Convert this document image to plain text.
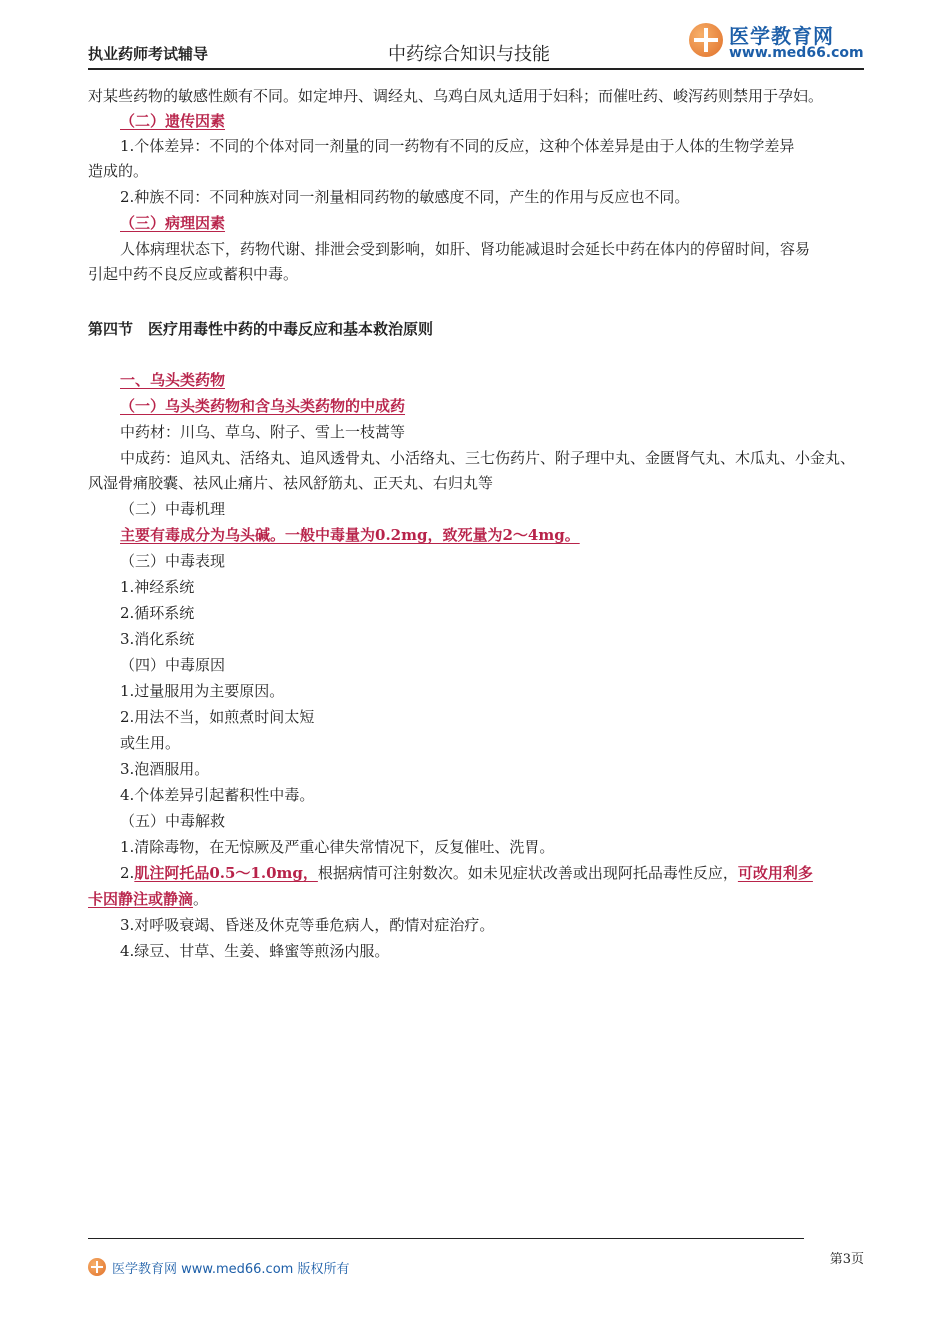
执业药师考试辅导	中药综合知识与技能
医学教育网
www.med66.com
对某些药物的敏感性颇有不同。如定坤丹、调经丸、乌鸡白凤丸适用于妇科；而催吐药、峻泻药则禁用于孕妇。
（二）遗传因素
1.个体差异：不同的个体对同一剂量的同一药物有不同的反应，这种个体差异是由于人体的生物学差异
造成的。
2.种族不同：不同种族对同一剂量相同药物的敏感度不同，产生的作用与反应也不同。
（三）病理因素
人体病理状态下，药物代谢、排泄会受到影响，如肝、肾功能减退时会延长中药在体内的停留时间，容易
引起中药不良反应或蓄积中毒。
第四节　医疗用毒性中药的中毒反应和基本救治原则
一、乌头类药物
（一）乌头类药物和含乌头类药物的中成药
中药材：川乌、草乌、附子、雪上一枝蒿等
中成药：追风丸、活络丸、追风透骨丸、小活络丸、三七伤药片、附子理中丸、金匮肾气丸、木瓜丸、小金丸、
风湿骨痛胶囊、祛风止痛片、祛风舒筋丸、正天丸、右归丸等
（二）中毒机理
主要有毒成分为乌头碱。一般中毒量为0.2mg，致死量为2～4mg。
（三）中毒表现
1.神经系统
2.循环系统
3.消化系统
（四）中毒原因
1.过量服用为主要原因。
2.用法不当，如煎煮时间太短
或生用。
3.泡酒服用。
4.个体差异引起蓄积性中毒。
（五）中毒解救
1.清除毒物，在无惊厥及严重心律失常情况下，反复催吐、洗胃。
2.肌注阿托品0.5～1.0mg，根据病情可注射数次。如未见症状改善或出现阿托品毒性反应，可改用利多
卡因静注或静滴。
3.对呼吸衰竭、昏迷及休克等垂危病人，酌情对症治疗。
4.绿豆、甘草、生姜、蜂蜜等煎汤内服。
医学教育网 www.med66.com 版权所有
第3页
